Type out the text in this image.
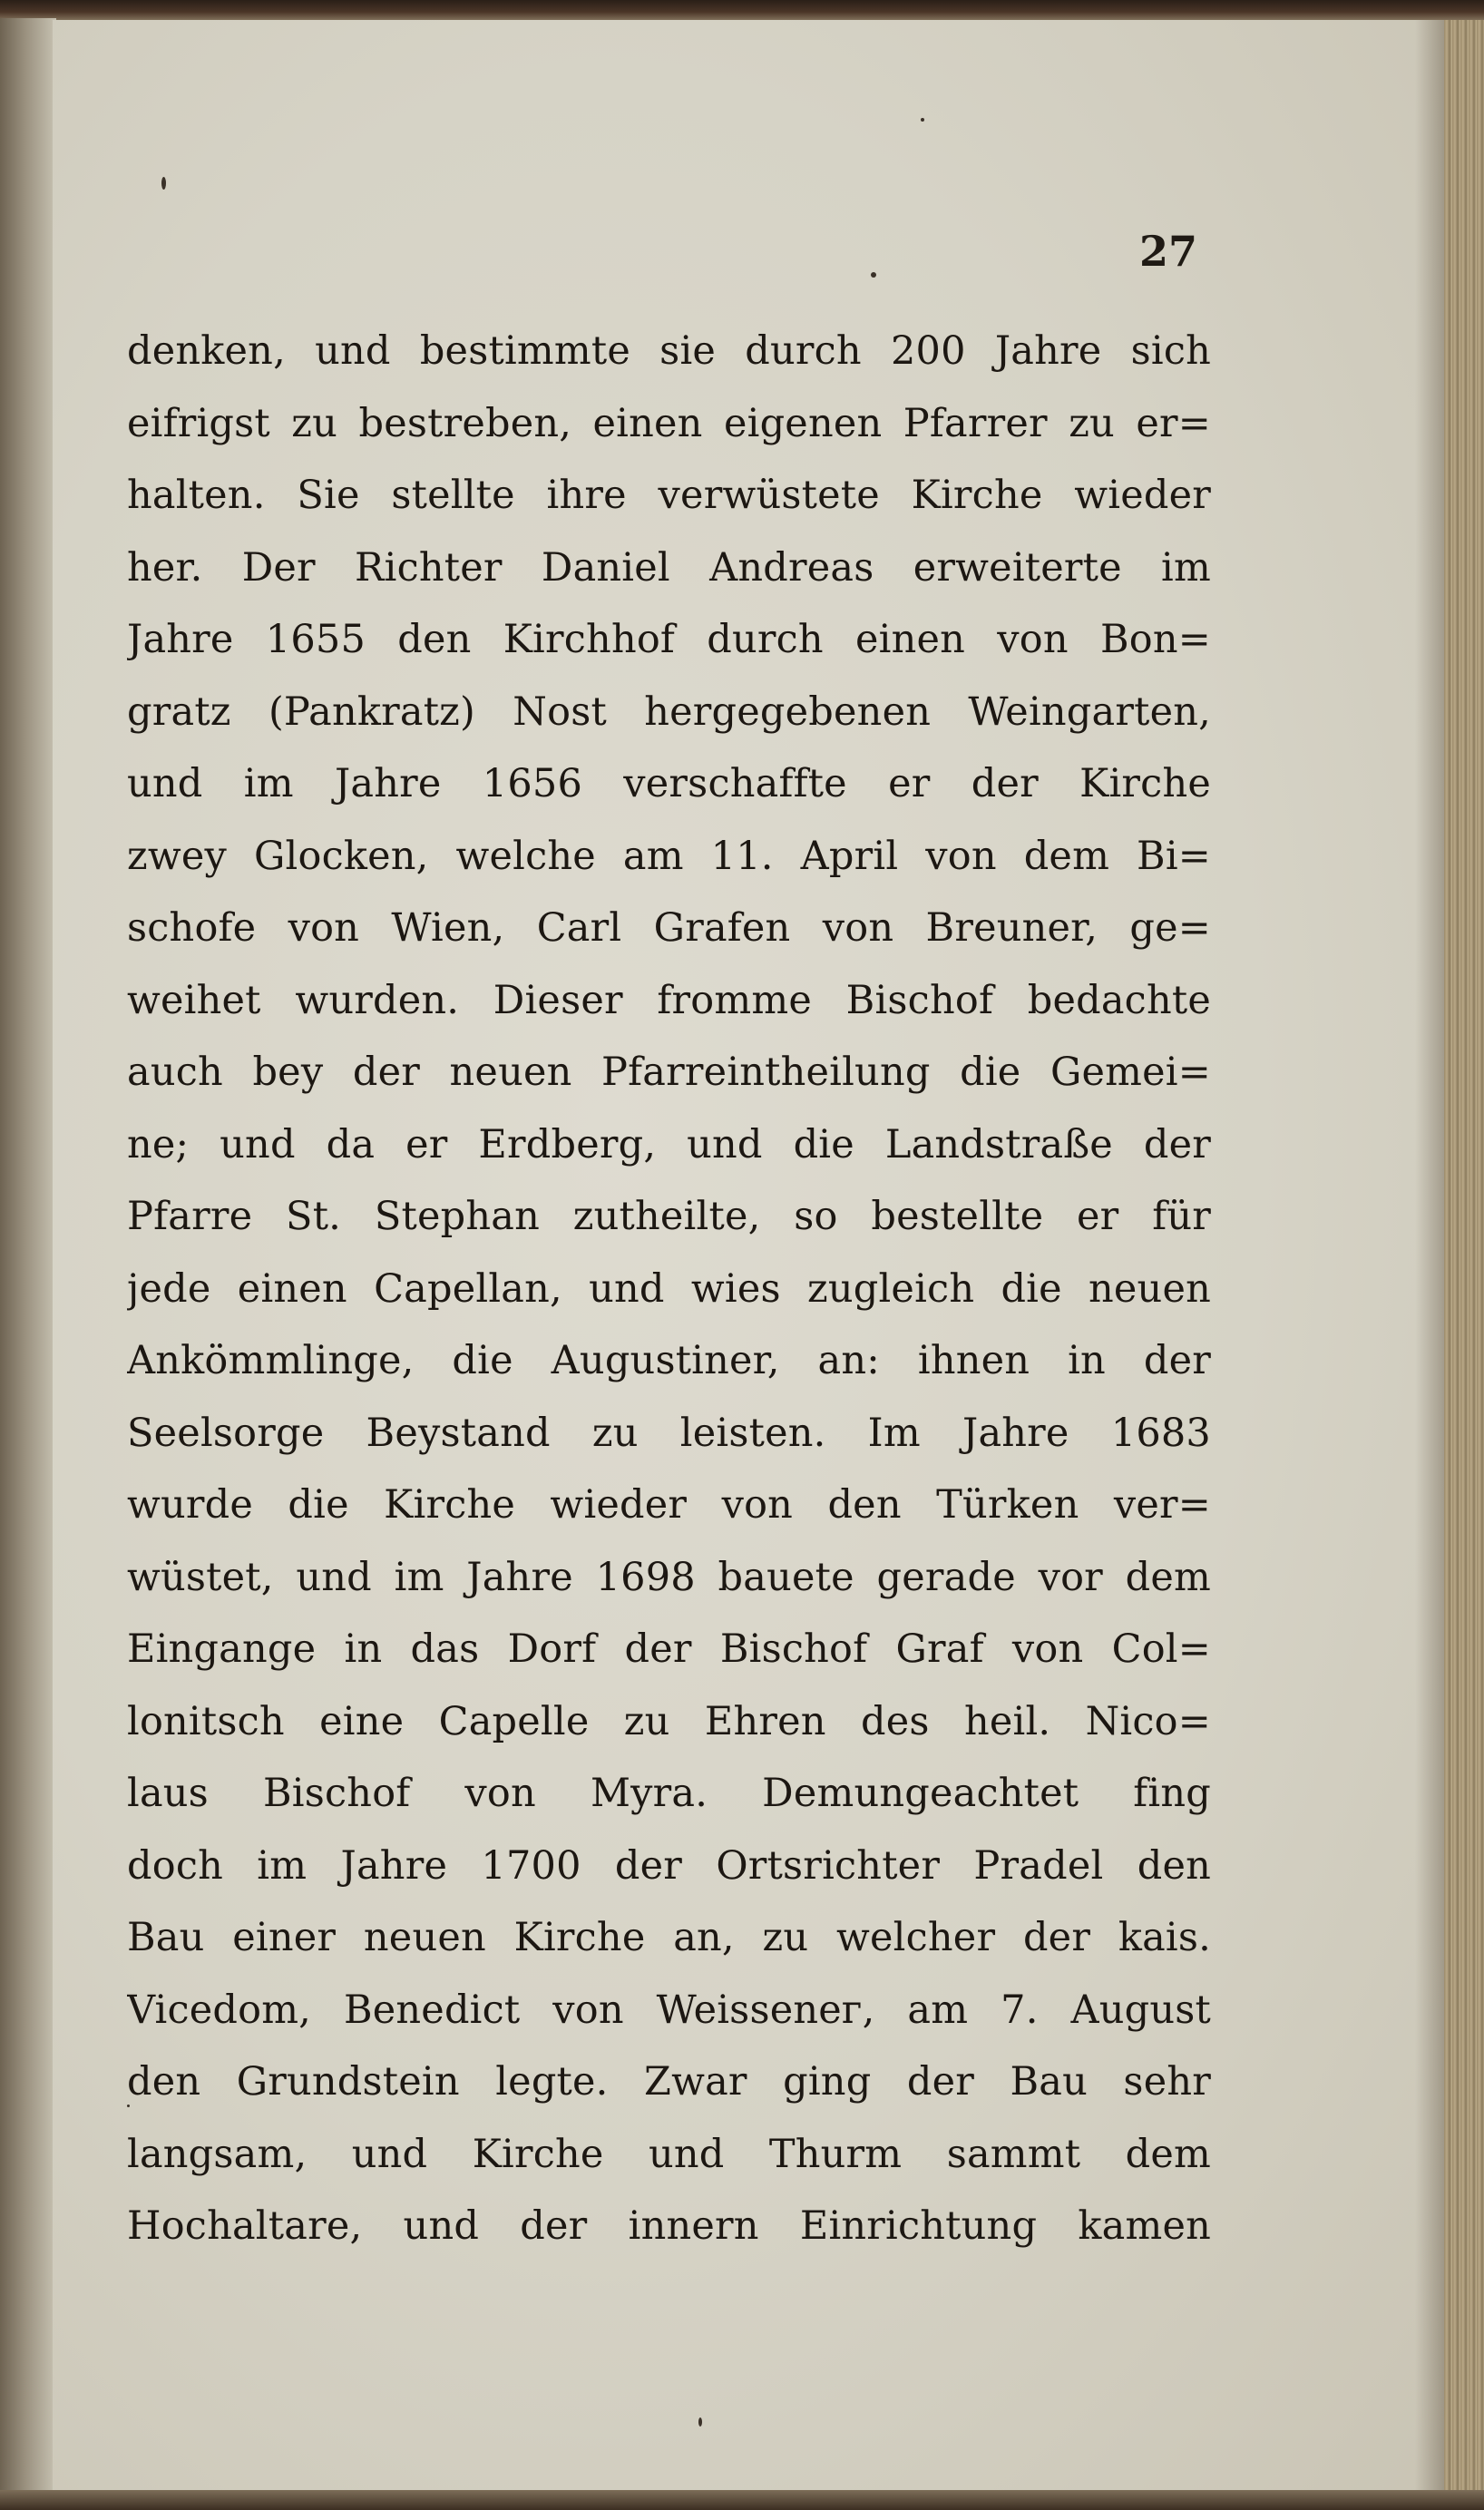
27
denken, und bestimmte sie durch 200 Jahre sich
eifrigst zu bestreben, einen eigenen Pfarrer zu er=
halten. Sie stellte ihre verwüstete Kirche wieder
her. Der Richter Daniel Andreas erweiterte im
Jahre 1655 den Kirchhof durch einen von Bon=
gratz (Pankratz) Nost hergegebenen Weingarten,
und im Jahre 1656 verschaffte er der Kirche
zwey Glocken, welche am 11. April von dem Bi=
schofe von Wien, Carl Grafen von Breuner, ge=
weihet wurden. Dieser fromme Bischof bedachte
auch bey der neuen Pfarreintheilung die Gemei=
ne; und da er Erdberg, und die Landstraße der
Pfarre St. Stephan zutheilte, so bestellte er für
jede einen Capellan, und wies zugleich die neuen
Ankömmlinge, die Augustiner, an: ihnen in der
Seelsorge Beystand zu leisten. Im Jahre 1683
wurde die Kirche wieder von den Türken ver=
wüstet, und im Jahre 1698 bauete gerade vor dem
Eingange in das Dorf der Bischof Graf von Col=
lonitsch eine Capelle zu Ehren des heil. Nico=
laus Bischof von Myra. Demungeachtet fing
doch im Jahre 1700 der Ortsrichter Pradel den
Bau einer neuen Kirche an, zu welcher der kais.
Vicedom, Benedict von Weissenег, am 7. August
den Grundstein legte. Zwar ging der Bau sehr
langsam, und Kirche und Thurm sammt dem
Hochaltare, und der innern Einrichtung kamen
